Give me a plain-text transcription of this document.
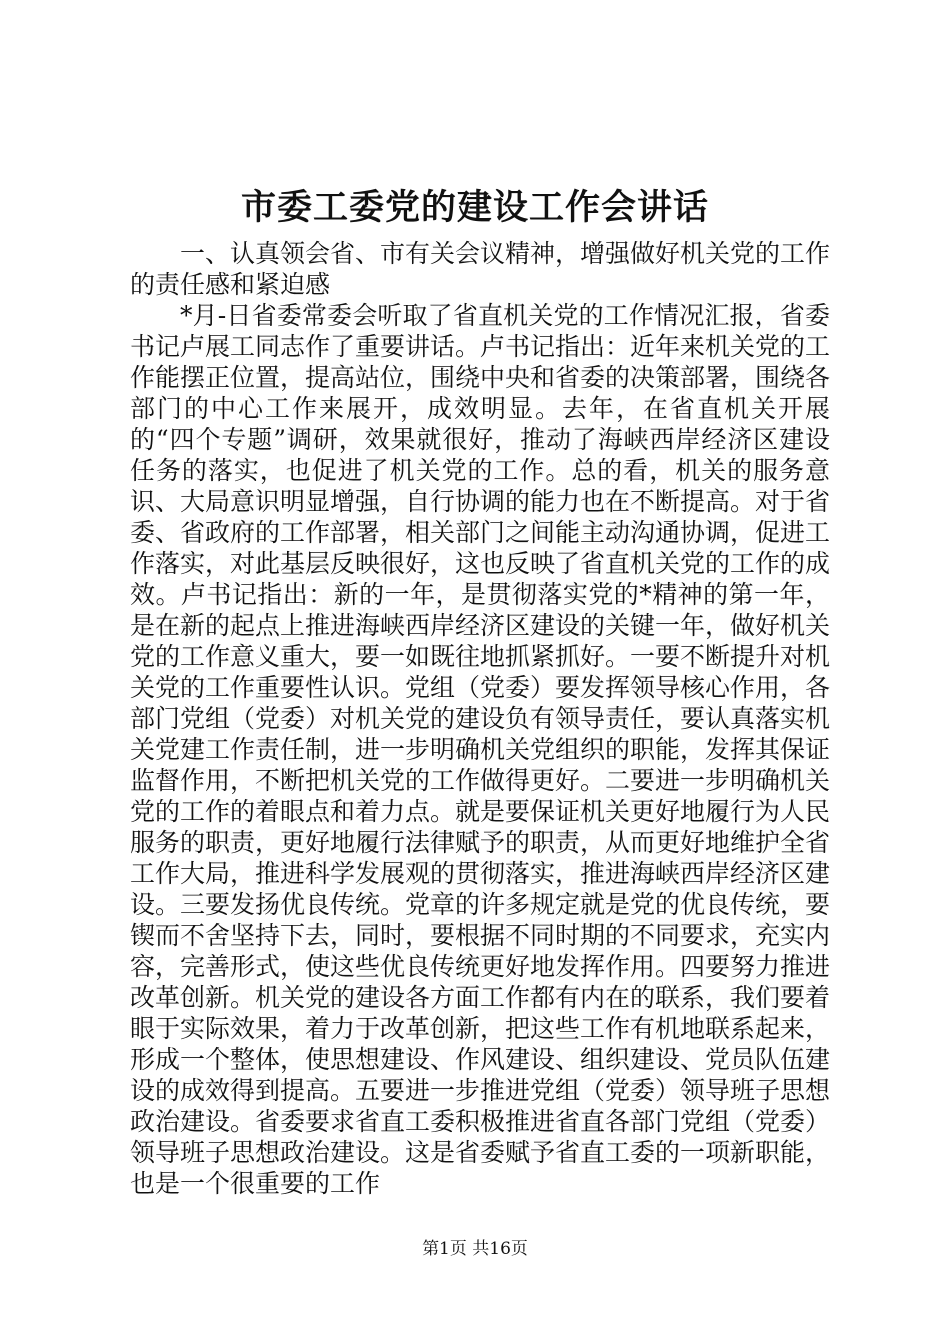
市委工委党的建设工作会讲话

一、认真领会省、市有关会议精神，增强做好机关党的工作的责任感和紧迫感

*月-日省委常委会听取了省直机关党的工作情况汇报，省委书记卢展工同志作了重要讲话。卢书记指出：近年来机关党的工作能摆正位置，提高站位，围绕中央和省委的决策部署，围绕各部门的中心工作来展开，成效明显。去年，在省直机关开展的“四个专题”调研，效果就很好，推动了海峡西岸经济区建设任务的落实，也促进了机关党的工作。总的看，机关的服务意识、大局意识明显增强，自行协调的能力也在不断提高。对于省委、省政府的工作部署，相关部门之间能主动沟通协调，促进工作落实，对此基层反映很好，这也反映了省直机关党的工作的成效。卢书记指出：新的一年，是贯彻落实党的*精神的第一年，是在新的起点上推进海峡西岸经济区建设的关键一年，做好机关党的工作意义重大，要一如既往地抓紧抓好。一要不断提升对机关党的工作重要性认识。党组（党委）要发挥领导核心作用，各部门党组（党委）对机关党的建设负有领导责任，要认真落实机关党建工作责任制，进一步明确机关党组织的职能，发挥其保证监督作用，不断把机关党的工作做得更好。二要进一步明确机关党的工作的着眼点和着力点。就是要保证机关更好地履行为人民服务的职责，更好地履行法律赋予的职责，从而更好地维护全省工作大局，推进科学发展观的贯彻落实，推进海峡西岸经济区建设。三要发扬优良传统。党章的许多规定就是党的优良传统，要锲而不舍坚持下去，同时，要根据不同时期的不同要求，充实内容，完善形式，使这些优良传统更好地发挥作用。四要努力推进改革创新。机关党的建设各方面工作都有内在的联系，我们要着眼于实际效果，着力于改革创新，把这些工作有机地联系起来，形成一个整体，使思想建设、作风建设、组织建设、党员队伍建设的成效得到提高。五要进一步推进党组（党委）领导班子思想政治建设。省委要求省直工委积极推进省直各部门党组（党委）领导班子思想政治建设。这是省委赋予省直工委的一项新职能，也是一个很重要的工作

第1页 共16页
